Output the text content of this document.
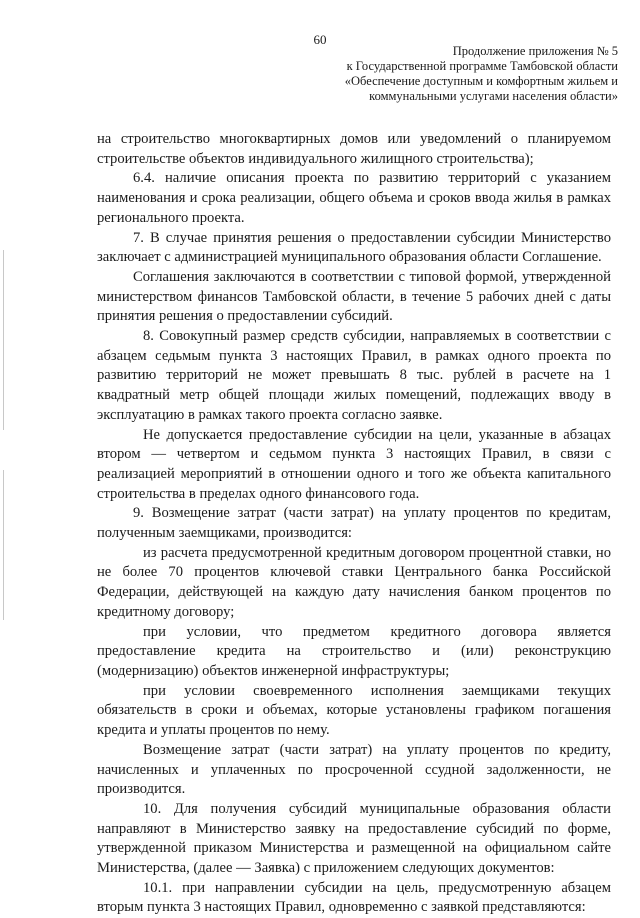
60
Продолжение приложения № 5
к Государственной программе Тамбовской области
«Обеспечение доступным и комфортным жильем и
коммунальными услугами населения области»

на строительство многоквартирных домов или уведомлений о планируемом строительстве объектов индивидуального жилищного строительства);

6.4. наличие описания проекта по развитию территорий с указанием наименования и срока реализации, общего объема и сроков ввода жилья в рамках регионального проекта.

7. В случае принятия решения о предоставлении субсидии Министерство заключает с администрацией муниципального образования области Соглашение.

Соглашения заключаются в соответствии с типовой формой, утвержденной министерством финансов Тамбовской области, в течение 5 рабочих дней с даты принятия решения о предоставлении субсидий.

8. Совокупный размер средств субсидии, направляемых в соответствии с абзацем седьмым пункта 3 настоящих Правил, в рамках одного проекта по развитию территорий не может превышать 8 тыс. рублей в расчете на 1 квадратный метр общей площади жилых помещений, подлежащих вводу в эксплуатацию в рамках такого проекта согласно заявке.

Не допускается предоставление субсидии на цели, указанные в абзацах втором — четвертом и седьмом пункта 3 настоящих Правил, в связи с реализацией мероприятий в отношении одного и того же объекта капитального строительства в пределах одного финансового года.

9. Возмещение затрат (части затрат) на уплату процентов по кредитам, полученным заемщиками, производится:

из расчета предусмотренной кредитным договором процентной ставки, но не более 70 процентов ключевой ставки Центрального банка Российской Федерации, действующей на каждую дату начисления банком процентов по кредитному договору;

при условии, что предметом кредитного договора является предоставление кредита на строительство и (или) реконструкцию (модернизацию) объектов инженерной инфраструктуры;

при условии своевременного исполнения заемщиками текущих обязательств в сроки и объемах, которые установлены графиком погашения кредита и уплаты процентов по нему.

Возмещение затрат (части затрат) на уплату процентов по кредиту, начисленных и уплаченных по просроченной ссудной задолженности, не производится.

10. Для получения субсидий муниципальные образования области направляют в Министерство заявку на предоставление субсидий по форме, утвержденной приказом Министерства и размещенной на официальном сайте Министерства, (далее — Заявка) с приложением следующих документов:

10.1. при направлении субсидии на цель, предусмотренную абзацем вторым пункта 3 настоящих Правил, одновременно с заявкой представляются:
